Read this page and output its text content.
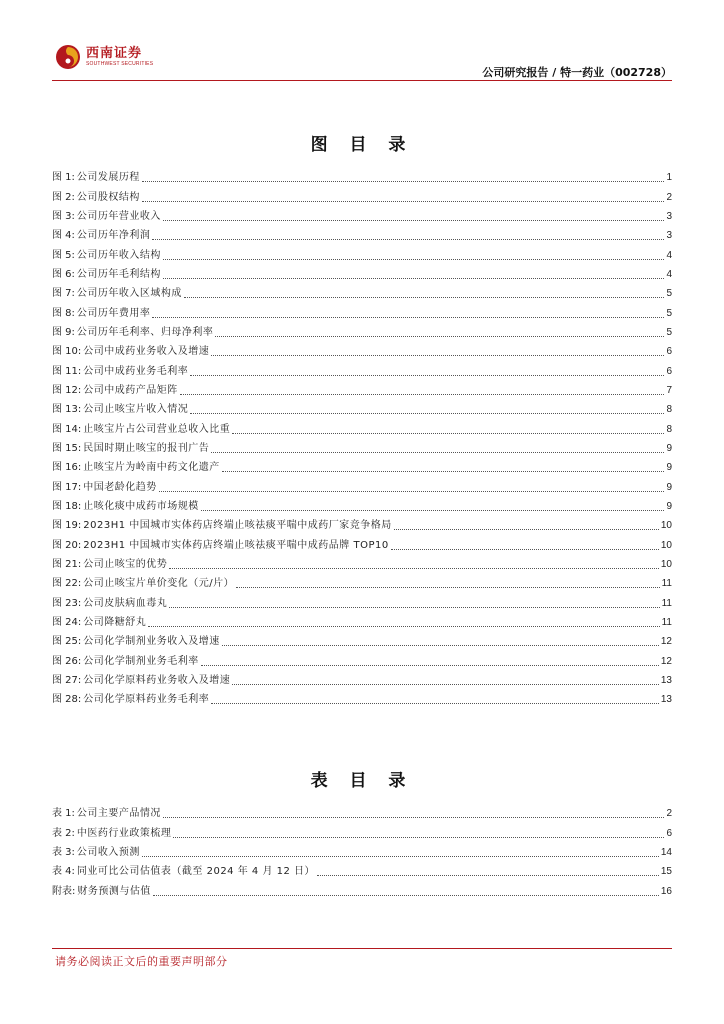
西南证券
SOUTHWEST SECURITIES
公司研究报告 / 特一药业（002728）
图 目 录
图 1: 公司发展历程	1
图 2: 公司股权结构	2
图 3: 公司历年营业收入	3
图 4: 公司历年净利润	3
图 5: 公司历年收入结构	4
图 6: 公司历年毛利结构	4
图 7: 公司历年收入区域构成	5
图 8: 公司历年费用率	5
图 9: 公司历年毛利率、归母净利率	5
图 10: 公司中成药业务收入及增速	6
图 11: 公司中成药业务毛利率	6
图 12: 公司中成药产品矩阵	7
图 13: 公司止咳宝片收入情况	8
图 14: 止咳宝片占公司营业总收入比重	8
图 15: 民国时期止咳宝的报刊广告	9
图 16: 止咳宝片为岭南中药文化遗产	9
图 17: 中国老龄化趋势	9
图 18: 止咳化痰中成药市场规模	9
图 19: 2023H1 中国城市实体药店终端止咳祛痰平喘中成药厂家竞争格局	10
图 20: 2023H1 中国城市实体药店终端止咳祛痰平喘中成药品牌 TOP10	10
图 21: 公司止咳宝的优势	10
图 22: 公司止咳宝片单价变化（元/片）	11
图 23: 公司皮肤病血毒丸	11
图 24: 公司降糖舒丸	11
图 25: 公司化学制剂业务收入及增速	12
图 26: 公司化学制剂业务毛利率	12
图 27: 公司化学原料药业务收入及增速	13
图 28: 公司化学原料药业务毛利率	13
表 目 录
表 1: 公司主要产品情况	2
表 2: 中医药行业政策梳理	6
表 3: 公司收入预测	14
表 4: 同业可比公司估值表（截至 2024 年 4 月 12 日）	15
附表: 财务预测与估值	16
请务必阅读正文后的重要声明部分
